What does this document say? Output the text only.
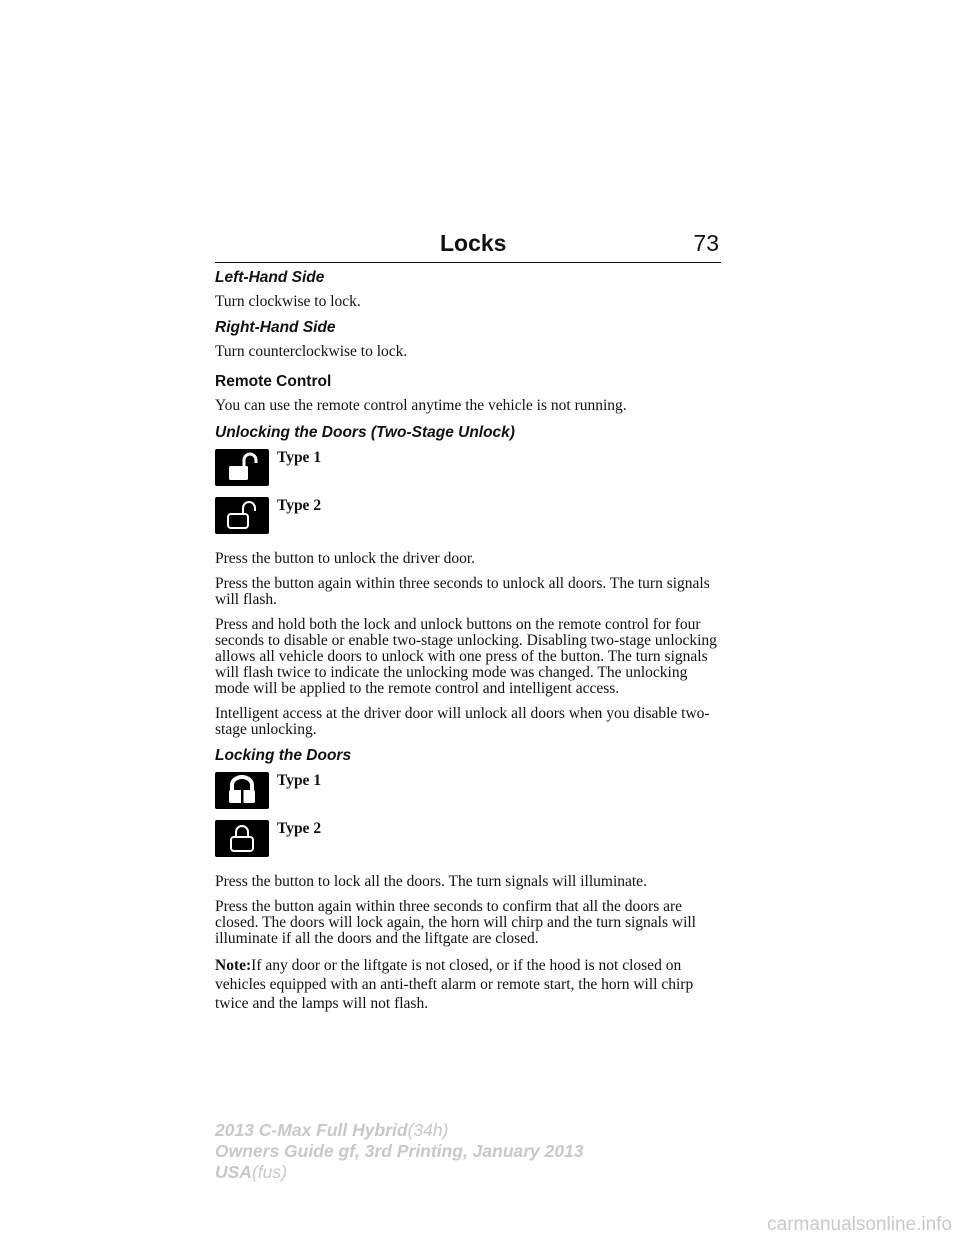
Locks	73
Left-Hand Side
Turn clockwise to lock.
Right-Hand Side
Turn counterclockwise to lock.
Remote Control
You can use the remote control anytime the vehicle is not running.
Unlocking the Doors (Two-Stage Unlock)
Type 1
Type 2
Press the button to unlock the driver door.
Press the button again within three seconds to unlock all doors. The turn signals will flash.
Press and hold both the lock and unlock buttons on the remote control for four seconds to disable or enable two-stage unlocking. Disabling two-stage unlocking allows all vehicle doors to unlock with one press of the button. The turn signals will flash twice to indicate the unlocking mode was changed. The unlocking mode will be applied to the remote control and intelligent access.
Intelligent access at the driver door will unlock all doors when you disable two-stage unlocking.
Locking the Doors
Type 1
Type 2
Press the button to lock all the doors. The turn signals will illuminate.
Press the button again within three seconds to confirm that all the doors are closed. The doors will lock again, the horn will chirp and the turn signals will illuminate if all the doors and the liftgate are closed.
Note:If any door or the liftgate is not closed, or if the hood is not closed on vehicles equipped with an anti-theft alarm or remote start, the horn will chirp twice and the lamps will not flash.
2013 C-Max Full Hybrid(34h)
Owners Guide gf, 3rd Printing, January 2013
USA(fus)
carmanualsonline.info
